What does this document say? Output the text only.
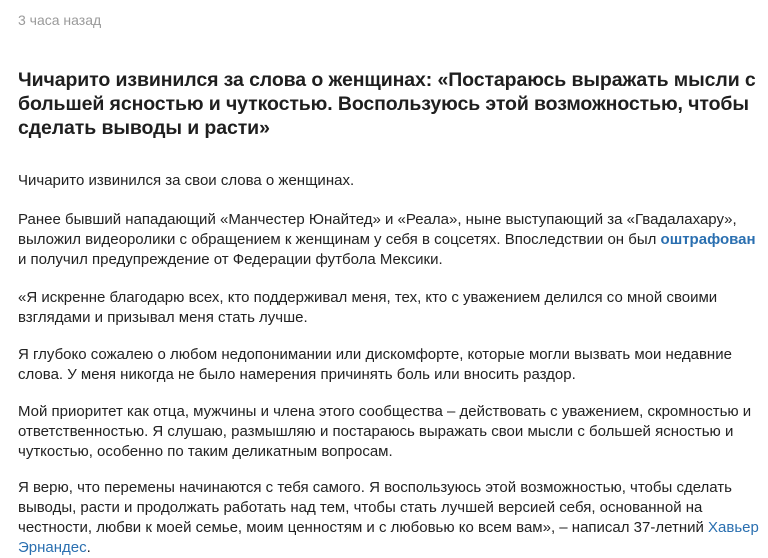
3 часа назад
Чичарито извинился за слова о женщинах: «Постараюсь выражать мысли с большей ясностью и чуткостью. Воспользуюсь этой возможностью, чтобы сделать выводы и расти»

Чичарито извинился за свои слова о женщинах.

Ранее бывший нападающий «Манчестер Юнайтед» и «Реала», ныне выступающий за «Гвадалахару», выложил видеоролики с обращением к женщинам у себя в соцсетях. Впоследствии он был оштрафован и получил предупреждение от Федерации футбола Мексики.

«Я искренне благодарю всех, кто поддерживал меня, тех, кто с уважением делился со мной своими взглядами и призывал меня стать лучше.

Я глубоко сожалею о любом недопонимании или дискомфорте, которые могли вызвать мои недавние слова. У меня никогда не было намерения причинять боль или вносить раздор.

Мой приоритет как отца, мужчины и члена этого сообщества – действовать с уважением, скромностью и ответственностью. Я слушаю, размышляю и постараюсь выражать свои мысли с большей ясностью и чуткостью, особенно по таким деликатным вопросам.

Я верю, что перемены начинаются с тебя самого. Я воспользуюсь этой возможностью, чтобы сделать выводы, расти и продолжать работать над тем, чтобы стать лучшей версией себя, основанной на честности, любви к моей семье, моим ценностям и с любовью ко всем вам», – написал 37-летний Хавьер Эрнандес.
